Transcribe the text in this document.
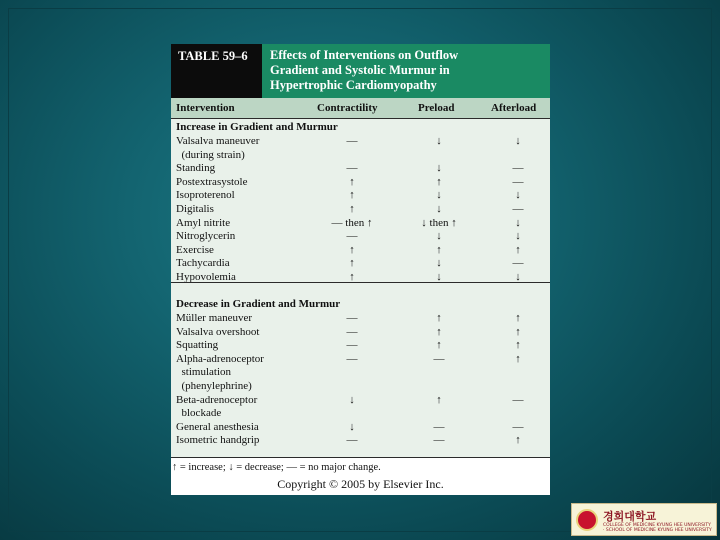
TABLE 59–6	Effects of Interventions on Outflow
Gradient and Systolic Murmur in
Hypertrophic Cardiomyopathy
Intervention	Contractility	Preload	Afterload
Increase in Gradient and Murmur
Valsalva maneuver	—	↓	↓
(during strain)
Standing	—	↓	—
Postextrasystole	↑	↑	—
Isoproterenol	↑	↓	↓
Digitalis	↑	↓	—
Amyl nitrite	— then ↑	↓ then ↑	↓
Nitroglycerin	—	↓	↓
Exercise	↑	↑	↑
Tachycardia	↑	↓	—
Hypovolemia	↑	↓	↓
Decrease in Gradient and Murmur
Müller maneuver	—	↑	↑
Valsalva overshoot	—	↑	↑
Squatting	—	↑	↑
Alpha-adrenoceptor	—	—	↑
stimulation
(phenylephrine)
Beta-adrenoceptor	↓	↑	—
blockade
General anesthesia	↓	—	—
Isometric handgrip	—	—	↑
↑ = increase; ↓ = decrease; — = no major change.
Copyright © 2005 by Elsevier Inc.
경희대학교
COLLEGE OF MEDICINE KYUNG HEE UNIVERSITY · SCHOOL OF MEDICINE KYUNG HEE UNIVERSITY
